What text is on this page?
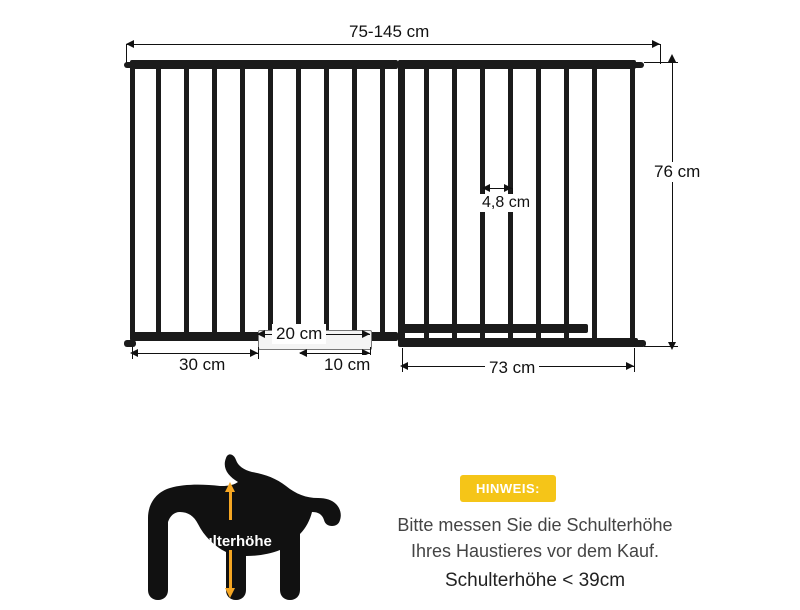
75-145 cm
76 cm
4,8 cm
30 cm
20 cm
10 cm	73 cm
Schulterhöhe
HINWEIS:
Bitte messen Sie die Schulterhöhe
Ihres Haustieres vor dem Kauf.
Schulterhöhe < 39cm
